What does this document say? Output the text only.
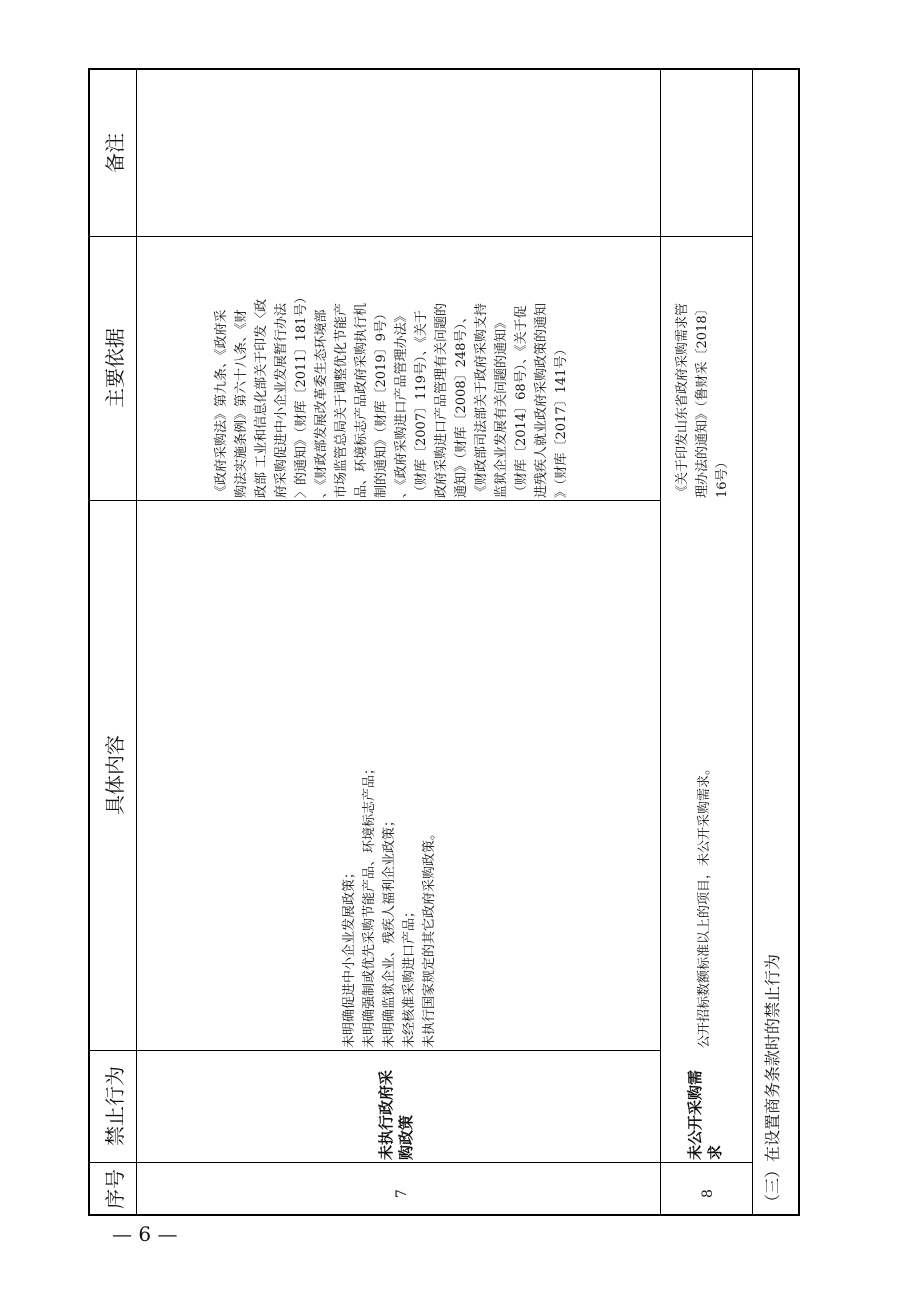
备注
主要依据
具体内容
禁止行为
序号
《政府采购法》第九条、《政府采
购法实施条例》第六十八条、《财
政部 工业和信息化部关于印发〈政
府采购促进中小企业发展暂行办法
〉的通知》（财库〔2011〕181号）
、《财政部发展改革委生态环境部
市场监管总局关于调整优化节能产
品、环境标志产品政府采购执行机
制的通知》（财库〔2019〕9号）
、《政府采购进口产品管理办法》
（财库〔2007〕119号）、《关于
政府采购进口产品管理有关问题的
通知》（财库〔2008〕248号）、
《财政部司法部关于政府采购支持
监狱企业发展有关问题的通知》
（财库〔2014〕68号）、《关于促
进残疾人就业政府采购政策的通知
》（财库〔2017〕141号）
未明确促进中小企业发展政策；
未明确强制或优先采购节能产品、环境标志产品；
未明确监狱企业、残疾人福利企业政策；
未经核准采购进口产品；
未执行国家规定的其它政府采购政策。
未执行政府采
购政策
7
《关于印发山东省政府采购需求管
理办法的通知》（鲁财采〔2018〕
16号）
公开招标数额标准以上的项目，未公开采购需求。
未公开采购需
求
8	（三）在设置商务条款时的禁止行为
— 6 —
